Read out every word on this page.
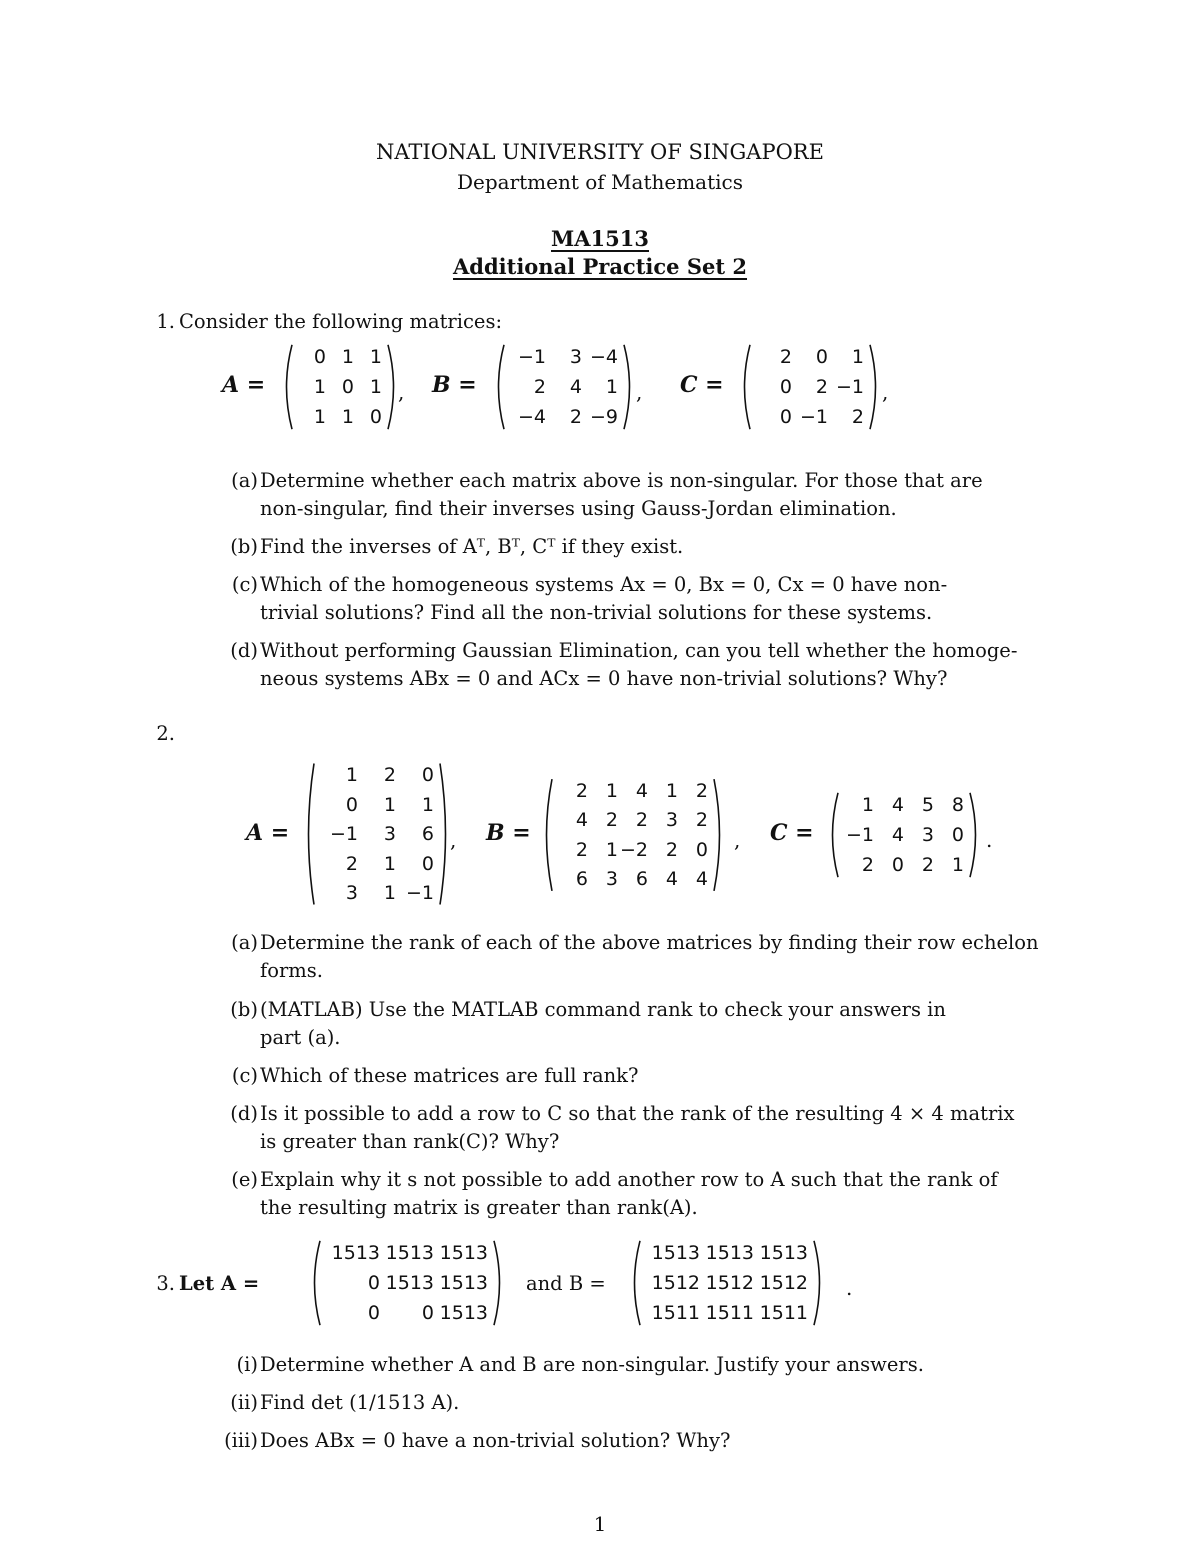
NATIONAL UNIVERSITY OF SINGAPORE
Department of Mathematics
MA1513
Additional Practice Set 2
1. Consider the following matrices:
A =
0 1 1
1 0 1
1 1 0
, B =
−1	3 −4
2	4	1
−4	2 −9
, C =
2	0	1
0	2 −1
0 −1	2
,
(a) Determine whether each matrix above is non-singular. For those that are
non-singular, find their inverses using Gauss-Jordan elimination.
(b) Find the inverses of Aᵀ, Bᵀ, Cᵀ if they exist.
(c) Which of the homogeneous systems Ax = 0, Bx = 0, Cx = 0 have non-
trivial solutions? Find all the non-trivial solutions for these systems.
(d) Without performing Gaussian Elimination, can you tell whether the homoge-
neous systems ABx = 0 and ACx = 0 have non-trivial solutions? Why?
2.
A =
1	2	0
0	1	1
−1	3	6
2	1	0
3	1 −1
, B =
2 1 4 1 2
4 2 2 3 2
2 1 −2 2 0
6 3 6 4 4
, C =
1 4 5 8
−1 4 3 0
2 0 2 1
.
(a) Determine the rank of each of the above matrices by finding their row echelon
forms.
(b) (MATLAB) Use the MATLAB command rank to check your answers in
part (a).
(c) Which of these matrices are full rank?
(d) Is it possible to add a row to C so that the rank of the resulting 4 × 4 matrix
is greater than rank(C)? Why?
(e) Explain why it s not possible to add another row to A such that the rank of
the resulting matrix is greater than rank(A).
3. Let A =
1513 1513 1513
0 1513 1513
0	0 1513
and B =
1513 1513 1513
1512 1512 1512
1511 1511 1511
.
(i) Determine whether A and B are non-singular. Justify your answers.
(ii) Find det (1/1513 A).
(iii) Does ABx = 0 have a non-trivial solution? Why?
1
